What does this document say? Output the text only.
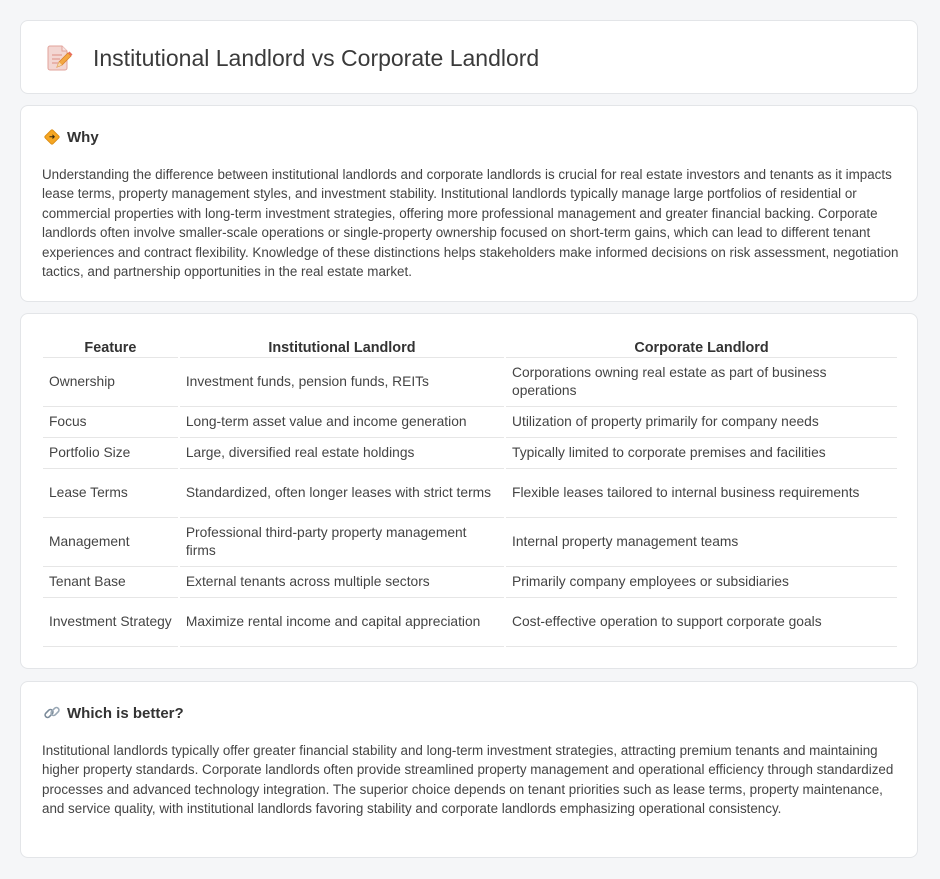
Institutional Landlord vs Corporate Landlord
Why

Understanding the difference between institutional landlords and corporate landlords is crucial for real estate investors and tenants as it impacts lease terms, property management styles, and investment stability. Institutional landlords typically manage large portfolios of residential or commercial properties with long-term investment strategies, offering more professional management and greater financial backing. Corporate landlords often involve smaller-scale operations or single-property ownership focused on short-term gains, which can lead to different tenant experiences and contract flexibility. Knowledge of these distinctions helps stakeholders make informed decisions on risk assessment, negotiation tactics, and partnership opportunities in the real estate market.

Feature	Institutional Landlord	Corporate Landlord
Ownership	Investment funds, pension funds, REITs	Corporations owning real estate as part of business operations
Focus	Long-term asset value and income generation	Utilization of property primarily for company needs
Portfolio Size	Large, diversified real estate holdings	Typically limited to corporate premises and facilities
Lease Terms	Standardized, often longer leases with strict terms	Flexible leases tailored to internal business requirements
Management	Professional third-party property management firms	Internal property management teams
Tenant Base	External tenants across multiple sectors	Primarily company employees or subsidiaries
Investment Strategy	Maximize rental income and capital appreciation	Cost-effective operation to support corporate goals
Which is better?

Institutional landlords typically offer greater financial stability and long-term investment strategies, attracting premium tenants and maintaining higher property standards. Corporate landlords often provide streamlined property management and operational efficiency through standardized processes and advanced technology integration. The superior choice depends on tenant priorities such as lease terms, property maintenance, and service quality, with institutional landlords favoring stability and corporate landlords emphasizing operational consistency.
